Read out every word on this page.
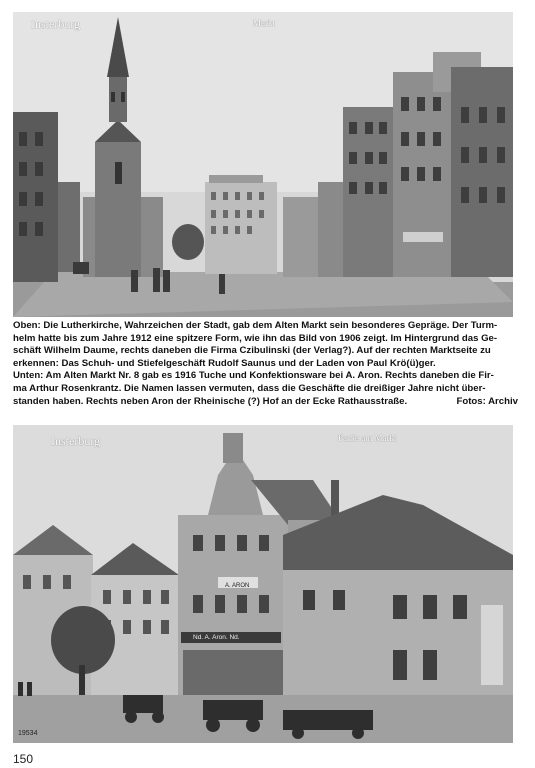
Insterburg	Markt

Oben: Die Lutherkirche, Wahrzeichen der Stadt, gab dem Alten Markt sein besonderes Gepräge. Der Turm-

helm hatte bis zum Jahre 1912 eine spitzere Form, wie ihn das Bild von 1906 zeigt. Im Hintergrund das Ge-

schäft Wilhelm Daume, rechts daneben die Firma Czibulinski (der Verlag?). Auf der rechten Marktseite zu

erkennen: Das Schuh- und Stiefelgeschäft Rudolf Saunus und der Laden von Paul Krö(ü)ger.

Unten: Am Alten Markt Nr. 8 gab es 1916 Tuche und Konfektionsware bei A. Aron. Rechts daneben die Fir-

ma Arthur Rosenkrantz. Die Namen lassen vermuten, dass die Geschäfte die dreißiger Jahre nicht über-

standen haben. Rechts neben Aron der Rheinische (?) Hof an der Ecke Rathausstraße.	Fotos: Archiv

Insterburg	Partie am Markt
A. ARON
Nd. A. Aron. Nd.
19534
150
